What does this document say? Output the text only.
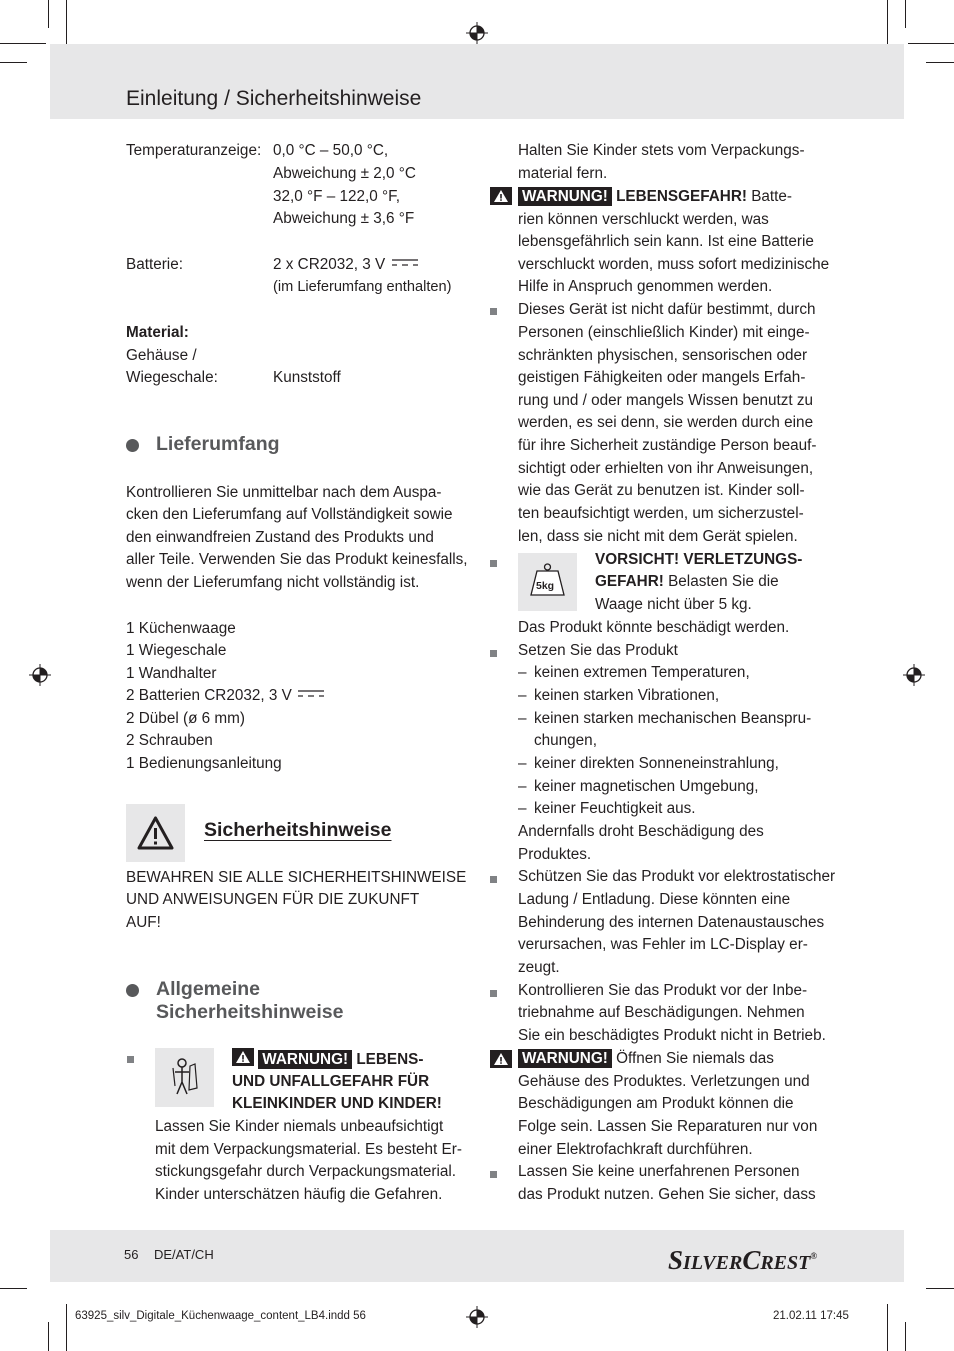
Einleitung / Sicherheitshinweise
Temperaturanzeige: 0,0 °C – 50,0 °C,
Abweichung ± 2,0 °C
32,0 °F – 122,0 °F,
Abweichung ± 3,6 °F
Batterie:	2 x CR2032, 3 V
(im Lieferumfang enthalten)
Material:
Gehäuse /
Wiegeschale:	Kunststoff
Lieferumfang
Kontrollieren Sie unmittelbar nach dem Auspa-
cken den Lieferumfang auf Vollständigkeit sowie
den einwandfreien Zustand des Produkts und
aller Teile. Verwenden Sie das Produkt keinesfalls,
wenn der Lieferumfang nicht vollständig ist.
1 Küchenwaage
1 Wiegeschale
1 Wandhalter
2 Batterien CR2032, 3 V
2 Dübel (ø 6 mm)
2 Schrauben
1 Bedienungsanleitung
Sicherheitshinweise
BEWAHREN SIE ALLE SICHERHEITSHINWEISE
UND ANWEISUNGEN FÜR DIE ZUKUNFT
AUF!
Allgemeine
Sicherheitshinweise
WARNUNG! LEBENS-
UND UNFALLGEFAHR FÜR
KLEINKINDER UND KINDER!
Lassen Sie Kinder niemals unbeaufsichtigt
mit dem Verpackungsmaterial. Es besteht Er-
stickungsgefahr durch Verpackungsmaterial.
Kinder unterschätzen häufig die Gefahren.
Halten Sie Kinder stets vom Verpackungs-
material fern.
WARNUNG! LEBENSGEFAHR! Batte-
rien können verschluckt werden, was
lebensgefährlich sein kann. Ist eine Batterie
verschluckt worden, muss sofort medizinische
Hilfe in Anspruch genommen werden.
Dieses Gerät ist nicht dafür bestimmt, durch
Personen (einschließlich Kinder) mit einge-
schränkten physischen, sensorischen oder
geistigen Fähigkeiten oder mangels Erfah-
rung und / oder mangels Wissen benutzt zu
werden, es sei denn, sie werden durch eine
für ihre Sicherheit zuständige Person beauf-
sichtigt oder erhielten von ihr Anweisungen,
wie das Gerät zu benutzen ist. Kinder soll-
ten beaufsichtigt werden, um sicherzustel-
len, dass sie nicht mit dem Gerät spielen.
5kg
VORSICHT! VERLETZUNGS-
GEFAHR! Belasten Sie die
Waage nicht über 5 kg.
Das Produkt könnte beschädigt werden.
Setzen Sie das Produkt
– keinen extremen Temperaturen,
– keinen starken Vibrationen,
– keinen starken mechanischen Beanspru-
chungen,
– keiner direkten Sonneneinstrahlung,
– keiner magnetischen Umgebung,
– keiner Feuchtigkeit aus.
Andernfalls droht Beschädigung des
Produktes.
Schützen Sie das Produkt vor elektrostatischer
Ladung / Entladung. Diese könnten eine
Behinderung des internen Datenaustausches
verursachen, was Fehler im LC-Display er-
zeugt.
Kontrollieren Sie das Produkt vor der Inbe-
triebnahme auf Beschädigungen. Nehmen
Sie ein beschädigtes Produkt nicht in Betrieb.
WARNUNG! Öffnen Sie niemals das
Gehäuse des Produktes. Verletzungen und
Beschädigungen am Produkt können die
Folge sein. Lassen Sie Reparaturen nur von
einer Elektrofachkraft durchführen.
Lassen Sie keine unerfahrenen Personen
das Produkt nutzen. Gehen Sie sicher, dass
56 DE/AT/CH	SILVERCREST®
63925_silv_Digitale_Küchenwaage_content_LB4.indd 56	21.02.11 17:45
